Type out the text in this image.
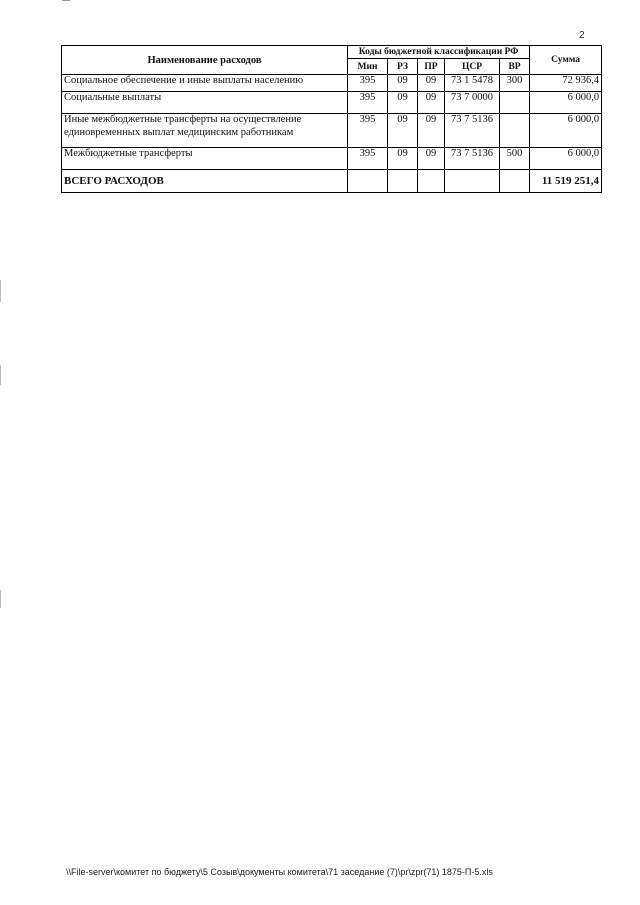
2
Наименование расходов	Коды бюджетной классификации РФ					Сумма
	Мин	РЗ	ПР	ЦСР	ВР	
Социальное обеспечение и иные выплаты населению	395	09	09	73 1 5478	300	72 936,4
Социальные выплаты	395	09	09	73 7 0000		6 000,0
Иные межбюджетные трансферты на осуществление единовременных выплат медицинским работникам	395	09	09	73 7 5136		6 000,0
Межбюджетные трансферты	395	09	09	73 7 5136	500	6 000,0
ВСЕГО РАСХОДОВ						11 519 251,4
\\File-server\комитет по бюджету\5 Созыв\документы комитета\71 заседание (7)\pr\zpr(71) 1875-П-5.xls
